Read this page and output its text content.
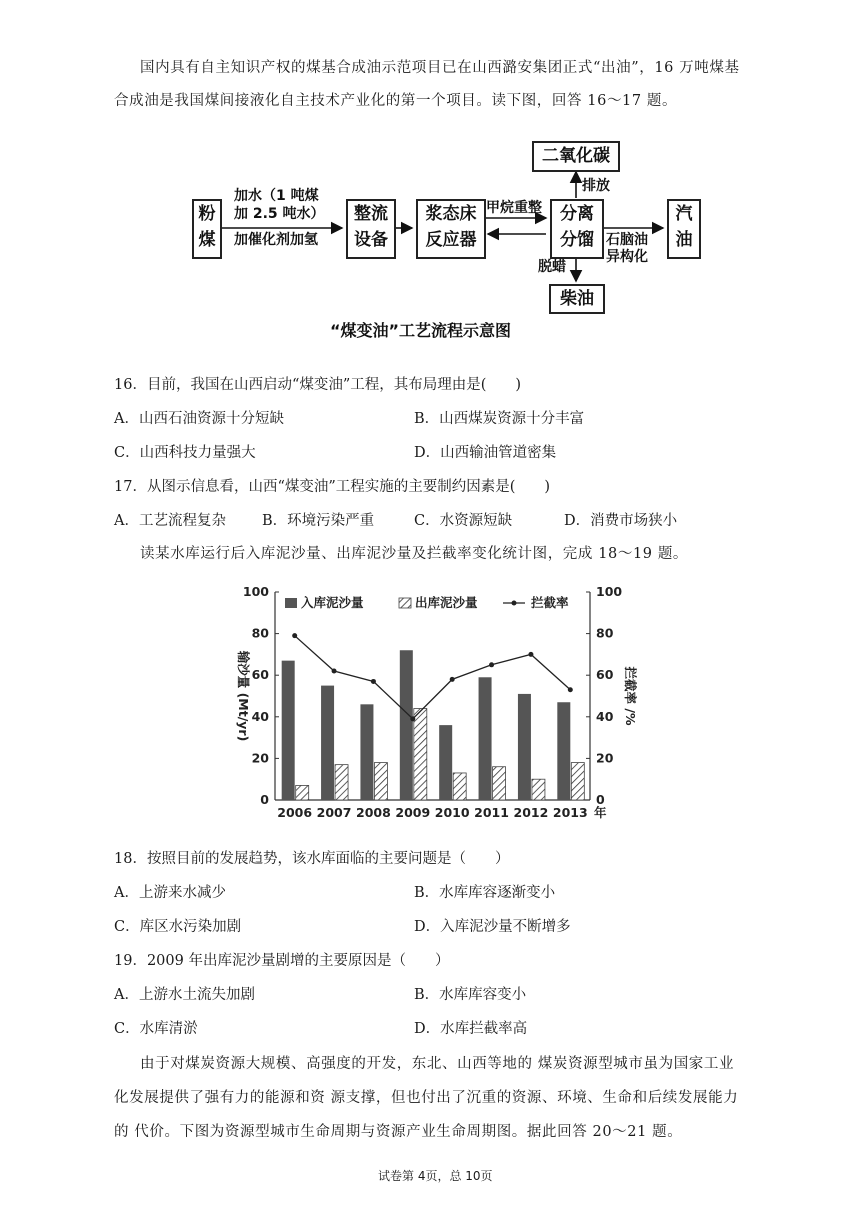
国内具有自主知识产权的煤基合成油示范项目已在山西潞安集团正式“出油”，16 万吨煤基
合成油是我国煤间接液化自主技术产业化的第一个项目。读下图，回答 16～17 题。
粉
煤
整流
设备
浆态床
反应器
分离
分馏
二氧化碳
汽
油
柴油
加水（1 吨煤
加 2.5 吨水）
加催化剂加氢
甲烷重整
排放
脱蜡
石脑油
异构化
“煤变油”工艺流程示意图
16．目前，我国在山西启动“煤变油”工程，其布局理由是(　　)
A．山西石油资源十分短缺	B．山西煤炭资源十分丰富
C．山西科技力量强大	D．山西输油管道密集
17．从图示信息看，山西“煤变油”工程实施的主要制约因素是(　　)
A．工艺流程复杂 B．环境污染严重	C．水资源短缺	D．消费市场狭小
读某水库运行后入库泥沙量、出库泥沙量及拦截率变化统计图，完成 18～19 题。
0
20
40
60
80
100
0
20
40
60
80
100
输沙量 (Mt/yr)	拦截率 /%
2006 2007 2008 2009 2010 2011 2012 2013 年
入库泥沙量	出库泥沙量	拦截率
18．按照目前的发展趋势，该水库面临的主要问题是（　　）
A．上游来水减少	B．水库库容逐渐变小
C．库区水污染加剧	D．入库泥沙量不断增多
19．2009 年出库泥沙量剧增的主要原因是（　　）
A．上游水土流失加剧	B．水库库容变小
C．水库清淤	D．水库拦截率高
由于对煤炭资源大规模、高强度的开发，东北、山西等地的 煤炭资源型城市虽为国家工业
化发展提供了强有力的能源和资 源支撑，但也付出了沉重的资源、环境、生命和后续发展能力
的 代价。下图为资源型城市生命周期与资源产业生命周期图。据此回答 20～21 题。
试卷第 4页，总 10页
